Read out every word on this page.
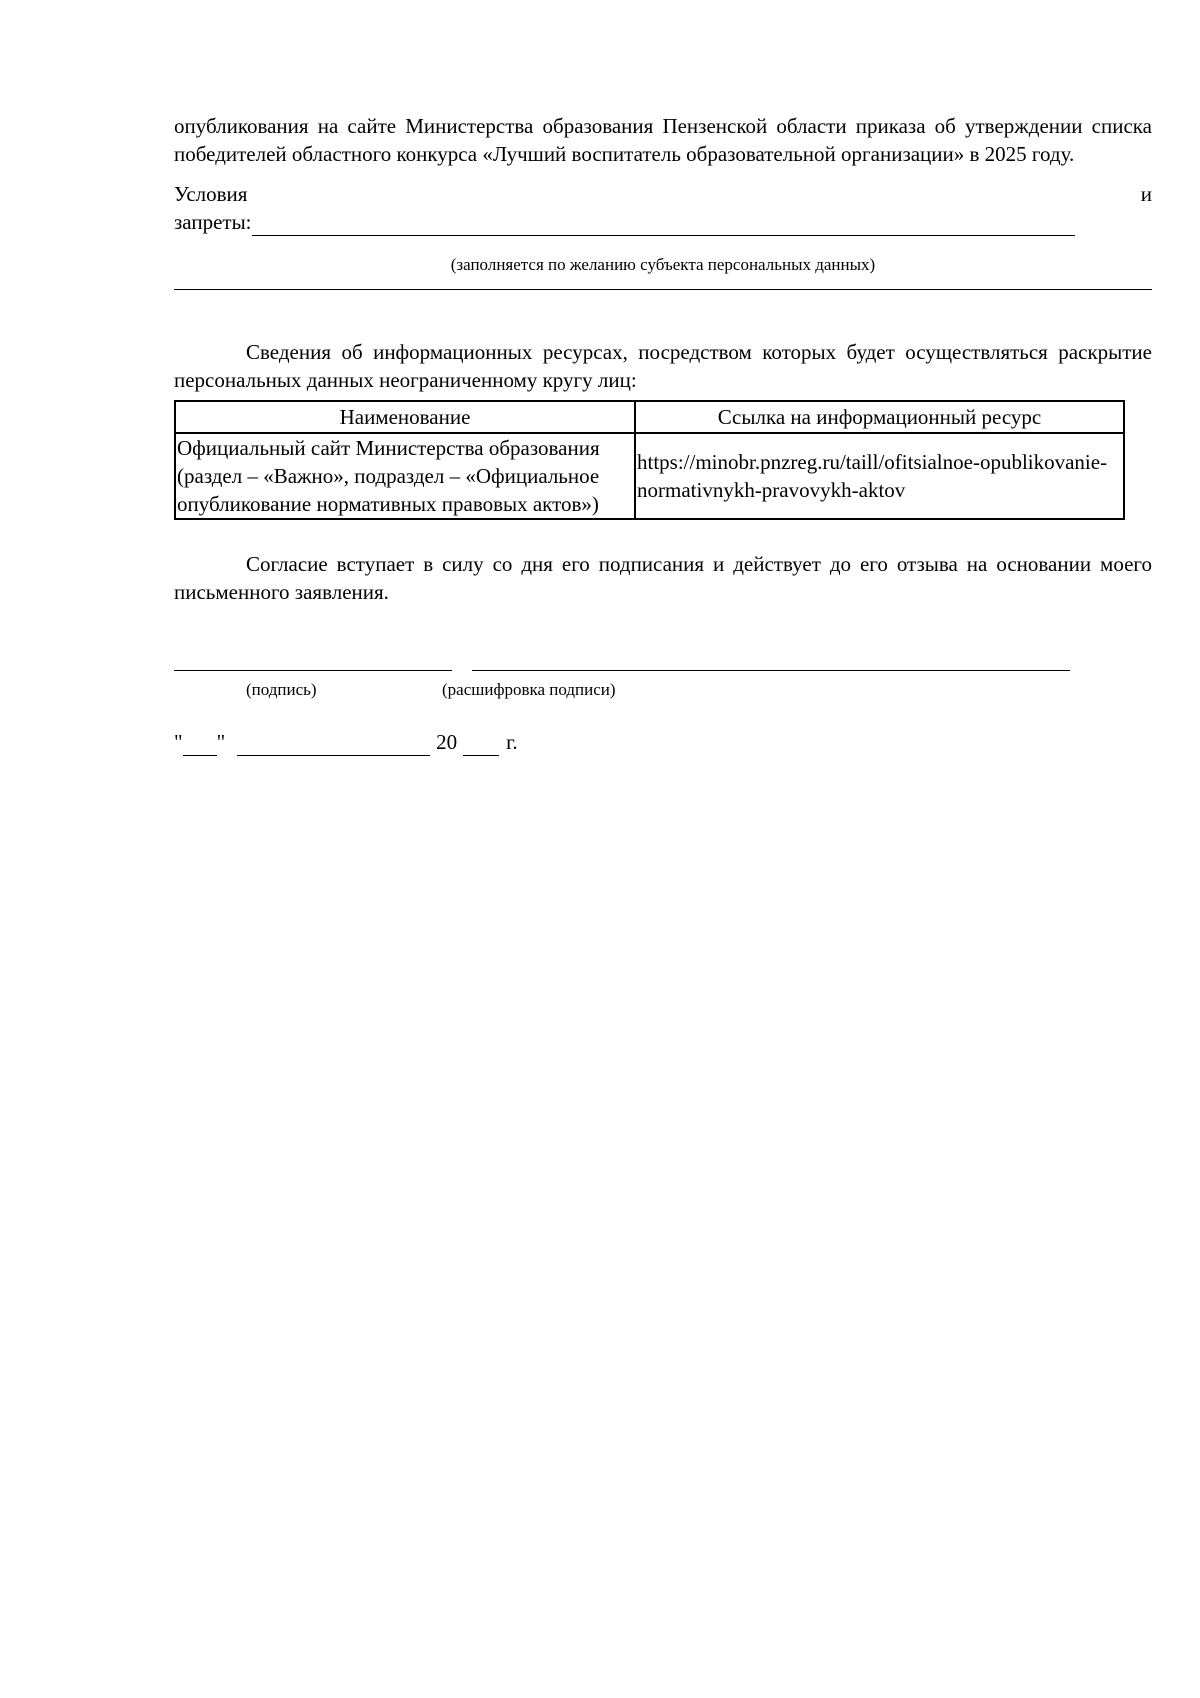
опубликования на сайте Министерства образования Пензенской области приказа об утверждении списка победителей областного конкурса «Лучший воспитатель образовательной организации» в 2025 году.

Условия	и
запреты:
(заполняется по желанию субъекта персональных данных)

Сведения об информационных ресурсах, посредством которых будет осуществляться раскрытие персональных данных неограниченному кругу лиц:

Наименование	Ссылка на информационный ресурс
Официальный сайт Министерства образования (раздел – «Важно», подраздел – «Официальное опубликование нормативных правовых актов»)	https://minobr.pnzreg.ru/taill/ofitsialnoe-opublikovanie-normativnykh-pravovykh-aktov

Согласие вступает в силу со дня его подписания и действует до его отзыва на основании моего письменного заявления.

(подпись)	(расшифровка подписи)
" "	20 г.
